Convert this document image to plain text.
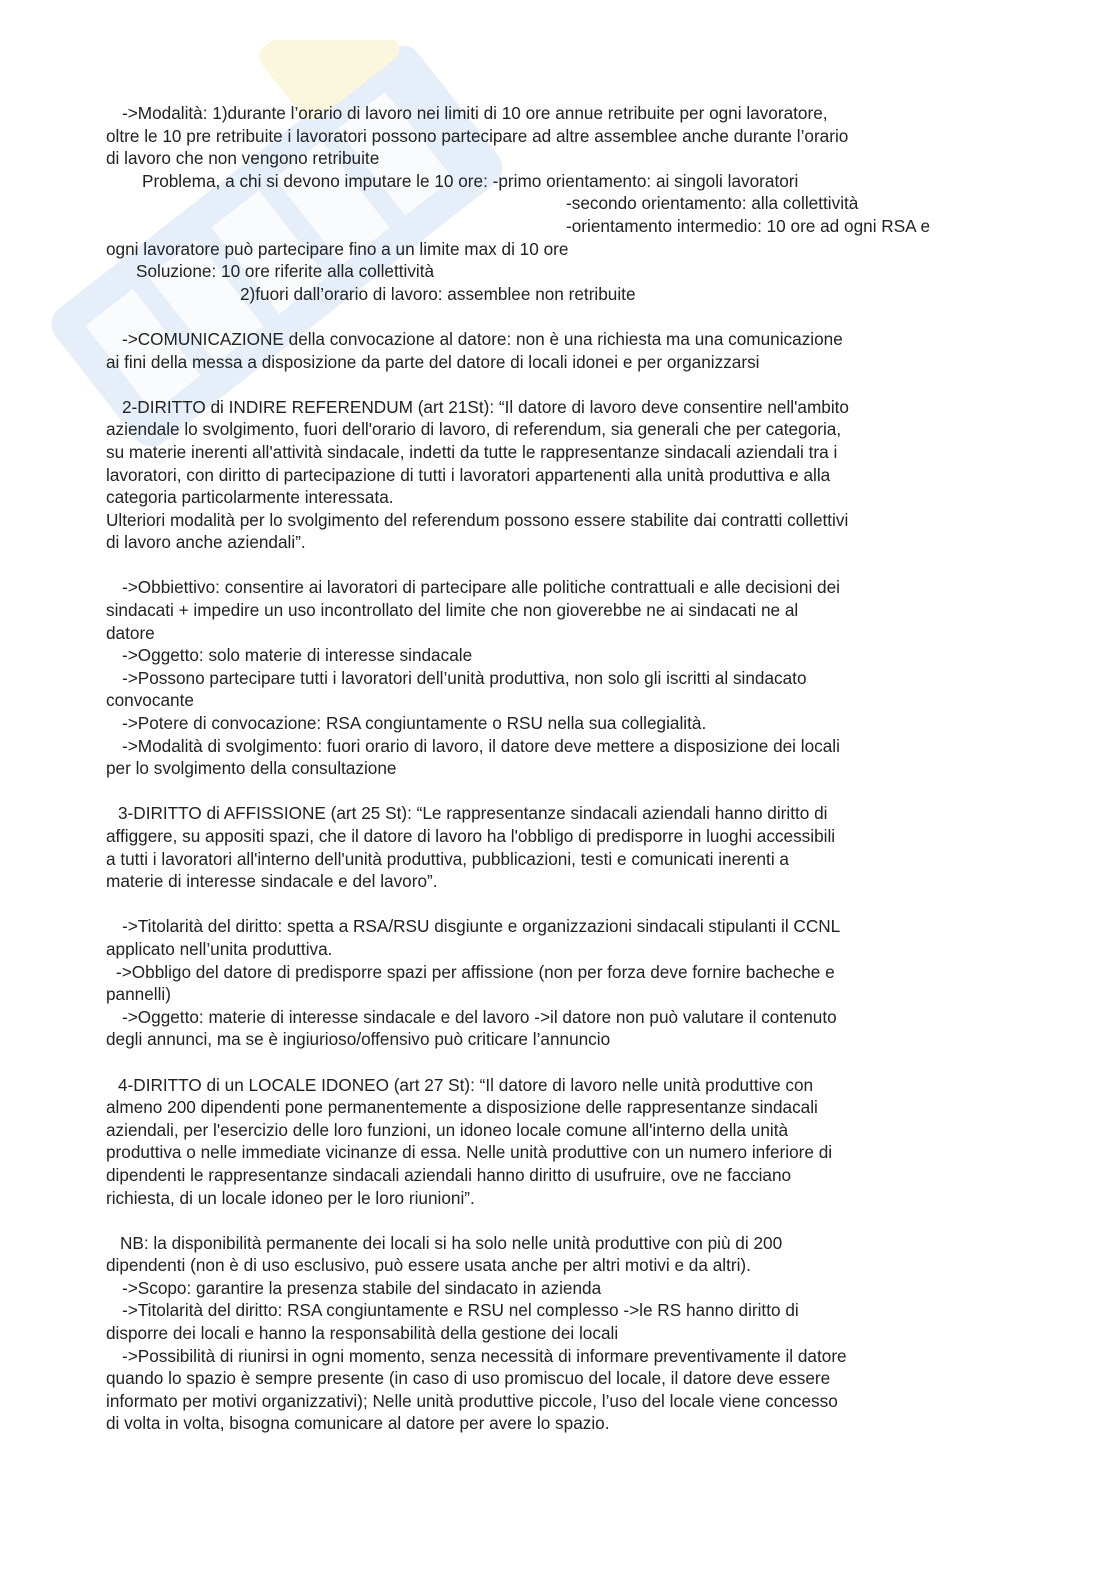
->Modalità: 1)durante l’orario di lavoro nei limiti di 10 ore annue retribuite per ogni lavoratore,

oltre le 10 pre retribuite i lavoratori possono partecipare ad altre assemblee anche durante l’orario

di lavoro che non vengono retribuite

Problema, a chi si devono imputare le 10 ore: -primo orientamento: ai singoli lavoratori

-secondo orientamento: alla collettività

-orientamento intermedio: 10 ore ad ogni RSA e

ogni lavoratore può partecipare fino a un limite max di 10 ore

Soluzione: 10 ore riferite alla collettività

2)fuori dall’orario di lavoro: assemblee non retribuite

->COMUNICAZIONE della convocazione al datore: non è una richiesta ma una comunicazione

ai fini della messa a disposizione da parte del datore di locali idonei e per organizzarsi

2-DIRITTO di INDIRE REFERENDUM (art 21St): “Il datore di lavoro deve consentire nell'ambito

aziendale lo svolgimento, fuori dell'orario di lavoro, di referendum, sia generali che per categoria,

su materie inerenti all'attività sindacale, indetti da tutte le rappresentanze sindacali aziendali tra i

lavoratori, con diritto di partecipazione di tutti i lavoratori appartenenti alla unità produttiva e alla

categoria particolarmente interessata.

Ulteriori modalità per lo svolgimento del referendum possono essere stabilite dai contratti collettivi

di lavoro anche aziendali”.

->Obbiettivo: consentire ai lavoratori di partecipare alle politiche contrattuali e alle decisioni dei

sindacati + impedire un uso incontrollato del limite che non gioverebbe ne ai sindacati ne al

datore

->Oggetto: solo materie di interesse sindacale

->Possono partecipare tutti i lavoratori dell’unità produttiva, non solo gli iscritti al sindacato

convocante

->Potere di convocazione: RSA congiuntamente o RSU nella sua collegialità.

->Modalità di svolgimento: fuori orario di lavoro, il datore deve mettere a disposizione dei locali

per lo svolgimento della consultazione

3-DIRITTO di AFFISSIONE (art 25 St): “Le rappresentanze sindacali aziendali hanno diritto di

affiggere, su appositi spazi, che il datore di lavoro ha l'obbligo di predisporre in luoghi accessibili

a tutti i lavoratori all'interno dell'unità produttiva, pubblicazioni, testi e comunicati inerenti a

materie di interesse sindacale e del lavoro”.

->Titolarità del diritto: spetta a RSA/RSU disgiunte e organizzazioni sindacali stipulanti il CCNL

applicato nell’unita produttiva.

->Obbligo del datore di predisporre spazi per affissione (non per forza deve fornire bacheche e

pannelli)

->Oggetto: materie di interesse sindacale e del lavoro ->il datore non può valutare il contenuto

degli annunci, ma se è ingiurioso/offensivo può criticare l’annuncio

4-DIRITTO di un LOCALE IDONEO (art 27 St): “Il datore di lavoro nelle unità produttive con

almeno 200 dipendenti pone permanentemente a disposizione delle rappresentanze sindacali

aziendali, per l'esercizio delle loro funzioni, un idoneo locale comune all'interno della unità

produttiva o nelle immediate vicinanze di essa. Nelle unità produttive con un numero inferiore di

dipendenti le rappresentanze sindacali aziendali hanno diritto di usufruire, ove ne facciano

richiesta, di un locale idoneo per le loro riunioni”.

NB: la disponibilità permanente dei locali si ha solo nelle unità produttive con più di 200

dipendenti (non è di uso esclusivo, può essere usata anche per altri motivi e da altri).

->Scopo: garantire la presenza stabile del sindacato in azienda

->Titolarità del diritto: RSA congiuntamente e RSU nel complesso ->le RS hanno diritto di

disporre dei locali e hanno la responsabilità della gestione dei locali

->Possibilità di riunirsi in ogni momento, senza necessità di informare preventivamente il datore

quando lo spazio è sempre presente (in caso di uso promiscuo del locale, il datore deve essere

informato per motivi organizzativi); Nelle unità produttive piccole, l’uso del locale viene concesso

di volta in volta, bisogna comunicare al datore per avere lo spazio.
